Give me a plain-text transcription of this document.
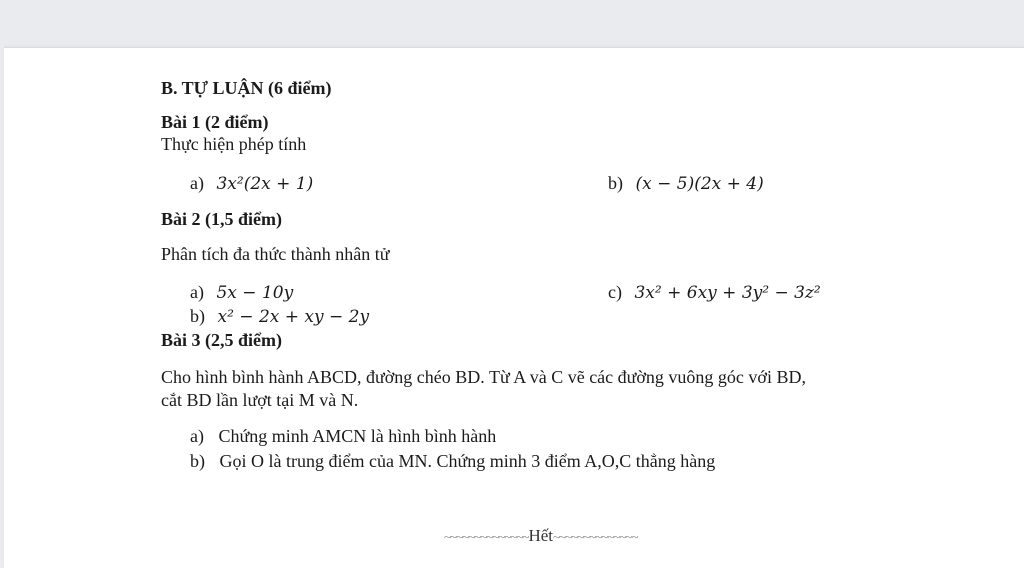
B. TỰ LUẬN (6 điểm)
Bài 1 (2 điểm)
Thực hiện phép tính
a) 3x²(2x + 1)	b) (x − 5)(2x + 4)
Bài 2 (1,5 điểm)
Phân tích đa thức thành nhân tử
a) 5x − 10y	c) 3x² + 6xy + 3y² − 3z²
b) x² − 2x + xy − 2y
Bài 3 (2,5 điểm)
Cho hình bình hành ABCD, đường chéo BD. Từ A và C vẽ các đường vuông góc với BD,
cắt BD lần lượt tại M và N.
a) Chứng minh AMCN là hình bình hành
b) Gọi O là trung điểm của MN. Chứng minh 3 điểm A,O,C thẳng hàng
~~~~~~~~~~~~~~Hết~~~~~~~~~~~~~~
